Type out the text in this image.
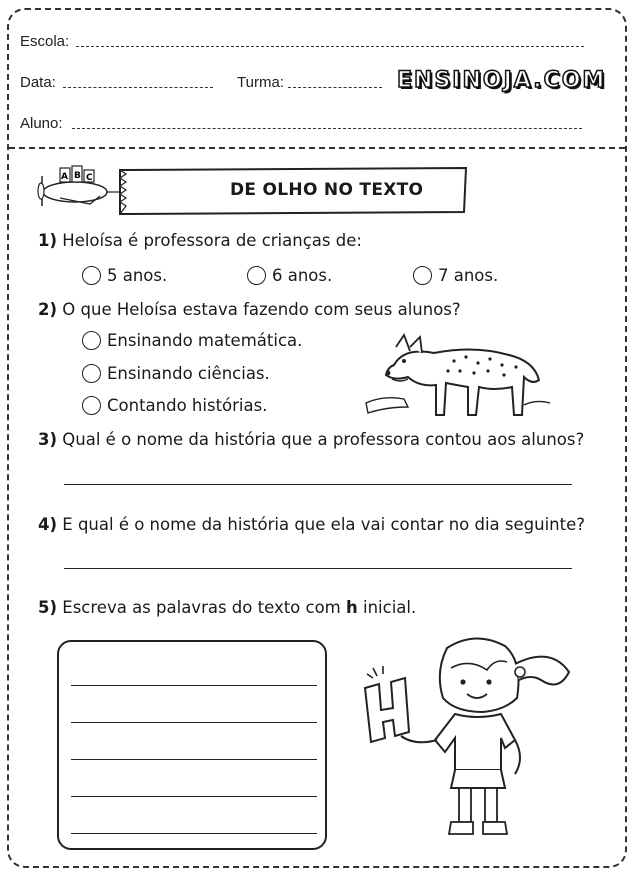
Escola:
Data:	Turma:	ENSINOJA.COM
Aluno:
A B C
DE OLHO NO TEXTO
1) Heloísa é professora de crianças de:
5 anos.	6 anos.	7 anos.
2) O que Heloísa estava fazendo com seus alunos?
Ensinando matemática.
Ensinando ciências.
Contando histórias.
3) Qual é o nome da história que a professora contou aos alunos?
4) E qual é o nome da história que ela vai contar no dia seguinte?
5) Escreva as palavras do texto com h inicial.
